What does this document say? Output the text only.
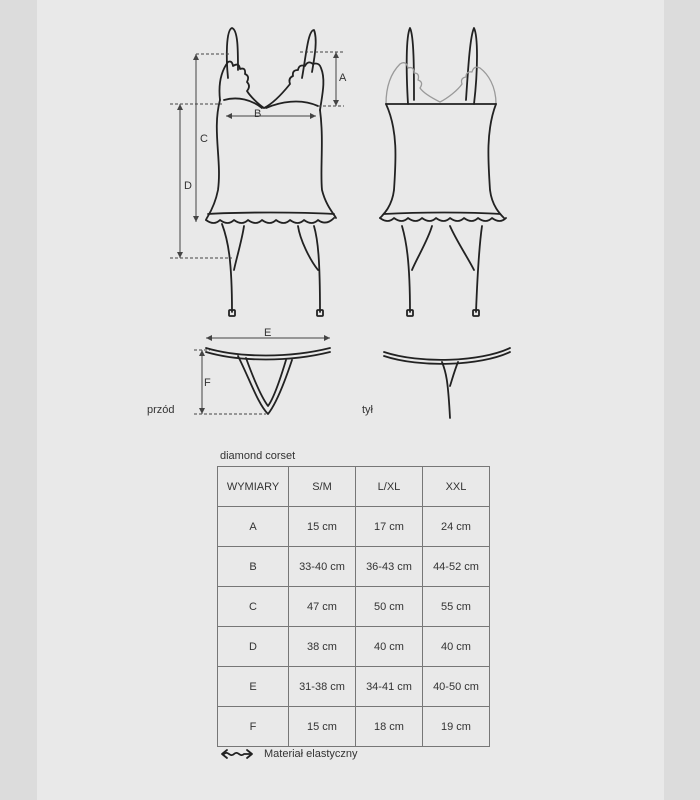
A
B
C
D
E
F
przód	tył
diamond corset
WYMIARY	S/M	L/XL	XXL
A	15 cm	17 cm	24 cm
B	33-40 cm	36-43 cm	44-52 cm
C	47 cm	50 cm	55 cm
D	38 cm	40 cm	40 cm
E	31-38 cm	34-41 cm	40-50 cm
F	15 cm	18 cm	19 cm
Materiał elastyczny
